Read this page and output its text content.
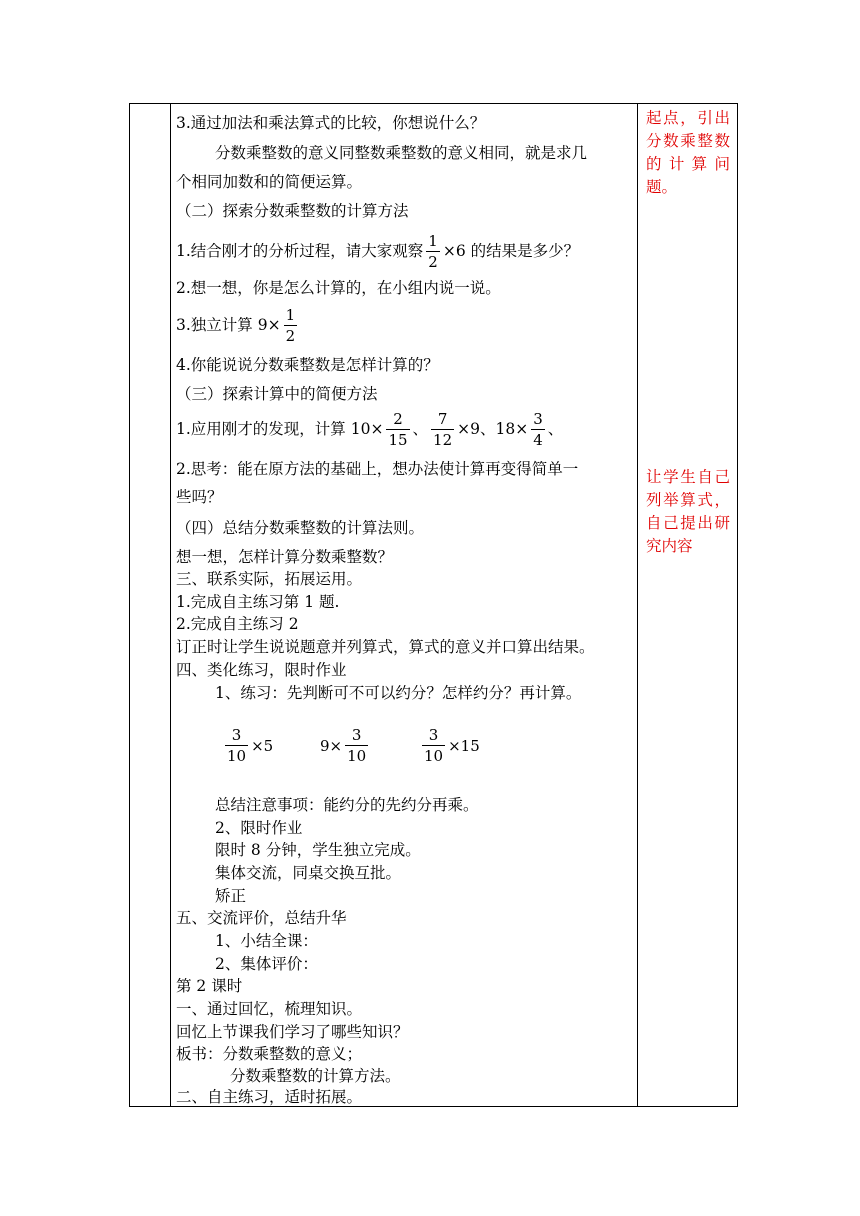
3.通过加法和乘法算式的比较，你想说什么？
分数乘整数的意义同整数乘整数的意义相同，就是求几
个相同加数和的简便运算。
（二）探索分数乘整数的计算方法
1.结合刚才的分析过程，请大家观察 $\frac{1}{2} \times 6$ 的结果是多少？
2.想一想，你是怎么计算的，在小组内说一说。
3.独立计算 $9\times \frac{1}{2}$
4.你能说说分数乘整数是怎样计算的？
（三）探索计算中的简便方法
1.应用刚才的发现，计算 $10\times \frac{2}{15}$ 、 $\frac{7}{12} \times 9$、$18\times \frac{3}{4}$ 、
2.思考：能在原方法的基础上，想办法使计算再变得简单一
些吗？
（四）总结分数乘整数的计算法则。
想一想，怎样计算分数乘整数？
三、联系实际，拓展运用。
1.完成自主练习第 1 题.
2.完成自主练习 2
订正时让学生说说题意并列算式，算式的意义并口算出结果。
四、类化练习，限时作业
1、练习：先判断可不可以约分？怎样约分？再计算。
$\frac{3}{10} \times 5$	$9\times \frac{3}{10}$	$\frac{3}{10} \times 15$
总结注意事项：能约分的先约分再乘。
2、限时作业
限时 8 分钟，学生独立完成。
集体交流，同桌交换互批。
矫正
五、交流评价，总结升华
1、小结全课：
2、集体评价：
第 2 课时
一、通过回忆，梳理知识。
回忆上节课我们学习了哪些知识？
板书：分数乘整数的意义；
分数乘整数的计算方法。
二、自主练习，适时拓展。
起点，引出分数乘整数的计算问题。
让学生自己列举算式，自己提出研究内容
